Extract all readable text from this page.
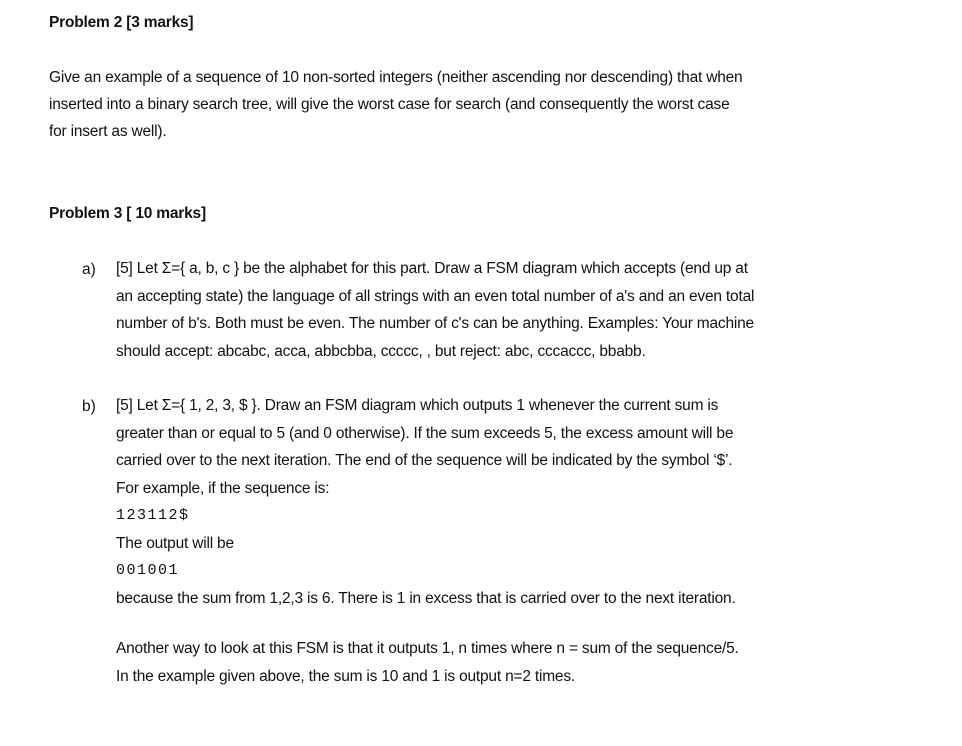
Problem 2 [3 marks]
Give an example of a sequence of 10 non-sorted integers (neither ascending nor descending) that when
inserted into a binary search tree, will give the worst case for search (and consequently the worst case
for insert as well).
Problem 3 [ 10 marks]
a) [5] Let Σ={ a, b, c } be the alphabet for this part. Draw a FSM diagram which accepts (end up at
an accepting state) the language of all strings with an even total number of a's and an even total
number of b's. Both must be even. The number of c's can be anything. Examples: Your machine
should accept: abcabc, acca, abbcbba, ccccc, , but reject: abc, cccaccc, bbabb.
b) [5] Let Σ={ 1, 2, 3, $ }. Draw an FSM diagram which outputs 1 whenever the current sum is
greater than or equal to 5 (and 0 otherwise). If the sum exceeds 5, the excess amount will be
carried over to the next iteration. The end of the sequence will be indicated by the symbol ‘$’.
For example, if the sequence is:
123112$
The output will be
001001
because the sum from 1,2,3 is 6. There is 1 in excess that is carried over to the next iteration.
Another way to look at this FSM is that it outputs 1, n times where n = sum of the sequence/5.
In the example given above, the sum is 10 and 1 is output n=2 times.
